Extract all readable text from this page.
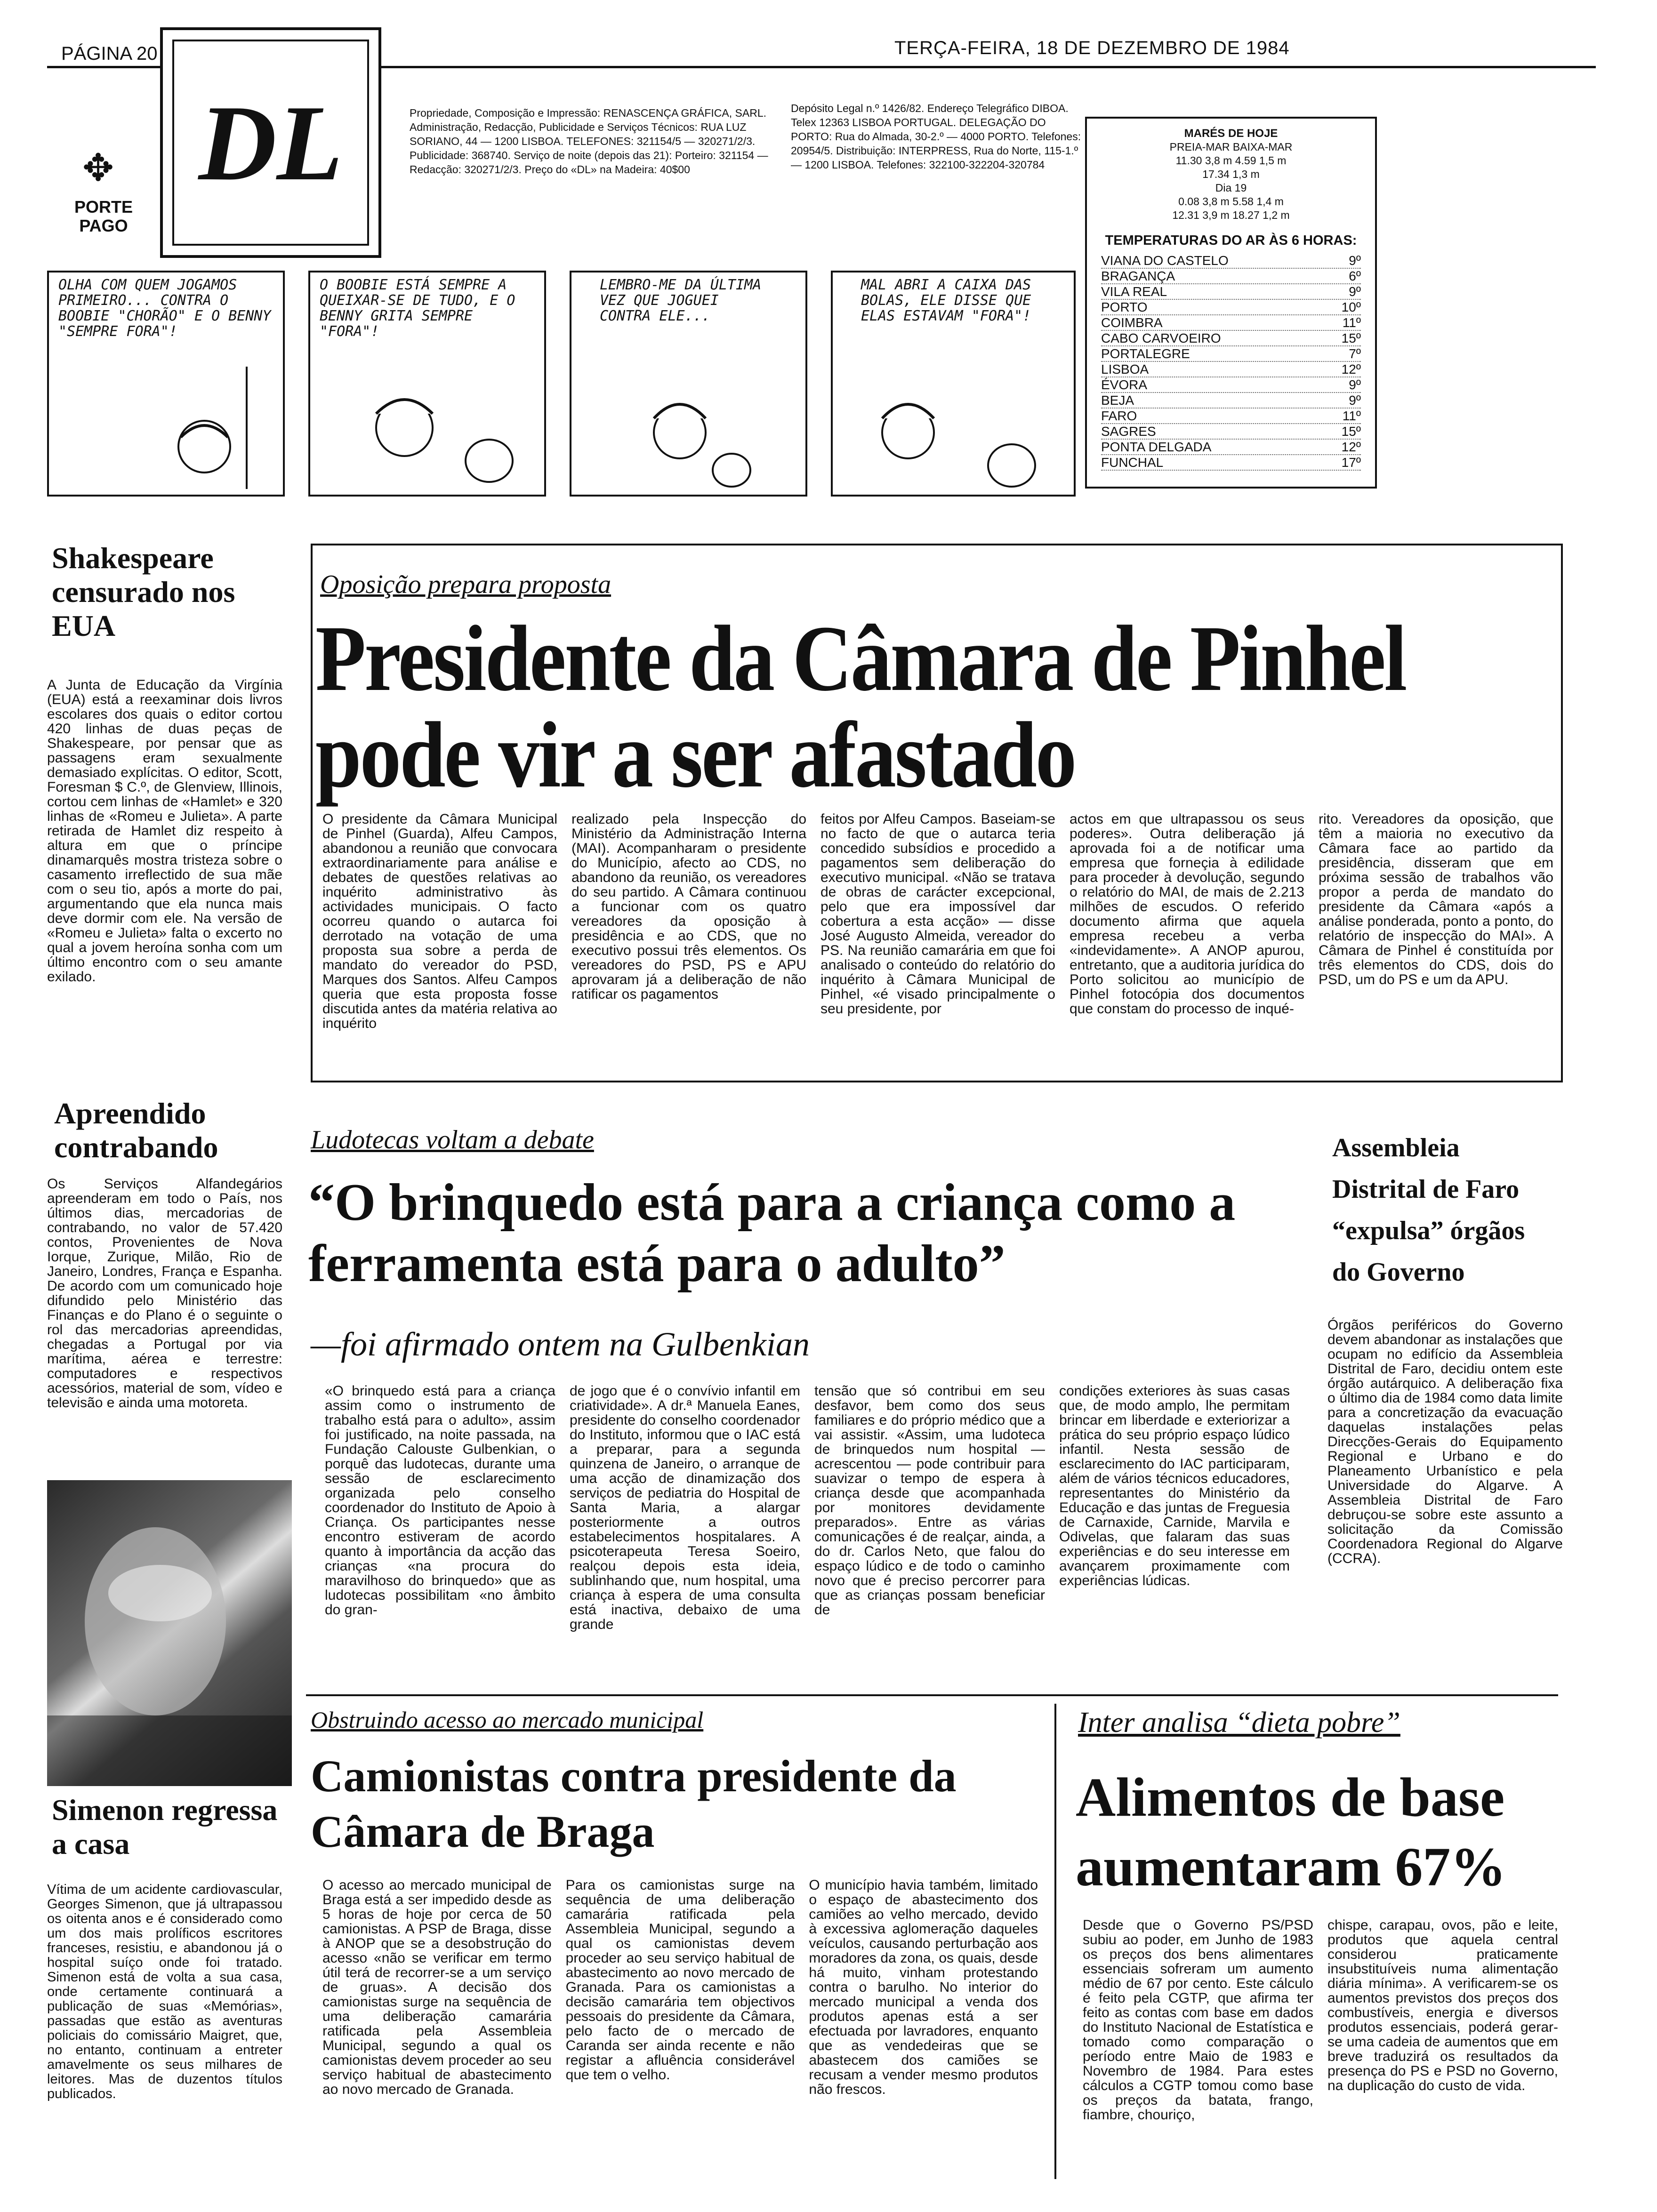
PÁGINA 20	TERÇA-FEIRA, 18 DE DEZEMBRO DE 1984
DL
✥
PORTE PAGO
Propriedade, Composição e Impressão: RENASCENÇA GRÁFICA, SARL. Administração, Redacção, Publicidade e Serviços Técnicos: RUA LUZ SORIANO, 44 — 1200 LISBOA. TELEFONES: 321154/5 — 320271/2/3. Publicidade: 368740. Serviço de noite (depois das 21): Porteiro: 321154 — Redacção: 320271/2/3. Preço do «DL» na Madeira: 40$00
Depósito Legal n.º 1426/82. Endereço Telegráfico DIBOA. Telex 12363 LISBOA PORTUGAL. DELEGAÇÃO DO PORTO: Rua do Almada, 30-2.º — 4000 PORTO. Telefones: 20954/5. Distribuição: INTERPRESS, Rua do Norte, 115-1.º — 1200 LISBOA. Telefones: 322100-322204-320784
MARÉS DE HOJE
PREIA-MAR BAIXA-MAR
11.30 3,8 m 4.59 1,5 m
17.34 1,3 m
Dia 19
0.08 3,8 m 5.58 1,4 m
12.31 3,9 m 18.27 1,2 m
TEMPERATURAS DO AR ÀS 6 HORAS:
VIANA DO CASTELO	9º
BRAGANÇA	6º
VILA REAL	9º
PORTO	10º
COIMBRA	11º
CABO CARVOEIRO	15º
PORTALEGRE	7º
LISBOA	12º
ÉVORA	9º
BEJA	9º
FARO	11º
SAGRES	15º
PONTA DELGADA	12º
FUNCHAL	17º
OLHA COM QUEM JOGAMOS PRIMEIRO... CONTRA O BOOBIE "CHORÃO" E O BENNY "SEMPRE FORA"!
O BOOBIE ESTÁ SEMPRE A QUEIXAR-SE DE TUDO, E O BENNY GRITA SEMPRE "FORA"!
LEMBRO-ME DA ÚLTIMA VEZ QUE JOGUEI CONTRA ELE...
MAL ABRI A CAIXA DAS BOLAS, ELE DISSE QUE ELAS ESTAVAM "FORA"!
Shakespeare censurado nos EUA
A Junta de Educação da Virgínia (EUA) está a reexaminar dois livros escolares dos quais o editor cortou 420 linhas de duas peças de Shakespeare, por pensar que as passagens eram sexualmente demasiado explícitas. O editor, Scott, Foresman $ C.º, de Glenview, Illinois, cortou cem linhas de «Hamlet» e 320 linhas de «Romeu e Julieta». A parte retirada de Hamlet diz respeito à altura em que o príncipe dinamarquês mostra tristeza sobre o casamento irreflectido de sua mãe com o seu tio, após a morte do pai, argumentando que ela nunca mais deve dormir com ele. Na versão de «Romeu e Julieta» falta o excerto no qual a jovem heroína sonha com um último encontro com o seu amante exilado.
Oposição prepara proposta
Presidente da Câmara de Pinhel
pode vir a ser afastado
O presidente da Câmara Municipal de Pinhel (Guarda), Alfeu Campos, abandonou a reunião que convocara extraordinariamente para análise e debates de questões relativas ao inquérito administrativo às actividades municipais. O facto ocorreu quando o autarca foi derrotado na votação de uma proposta sua sobre a perda de mandato do vereador do PSD, Marques dos Santos. Alfeu Campos queria que esta proposta fosse discutida antes da matéria relativa ao inquérito
realizado pela Inspecção do Ministério da Administração Interna (MAI). Acompanharam o presidente do Município, afecto ao CDS, no abandono da reunião, os vereadores do seu partido. A Câmara continuou a funcionar com os quatro vereadores da oposição à presidência e ao CDS, que no executivo possui três elementos. Os vereadores do PSD, PS e APU aprovaram já a deliberação de não ratificar os pagamentos
feitos por Alfeu Campos. Baseiam-se no facto de que o autarca teria concedido subsídios e procedido a pagamentos sem deliberação do executivo municipal. «Não se tratava de obras de carácter excepcional, pelo que era impossível dar cobertura a esta acção» — disse José Augusto Almeida, vereador do PS. Na reunião camarária em que foi analisado o conteúdo do relatório do inquérito à Câmara Municipal de Pinhel, «é visado principalmente o seu presidente, por
actos em que ultrapassou os seus poderes». Outra deliberação já aprovada foi a de notificar uma empresa que forneçia à edilidade para proceder à devolução, segundo o relatório do MAI, de mais de 2.213 milhões de escudos. O referido documento afirma que aquela empresa recebeu a verba «indevidamente». A ANOP apurou, entretanto, que a auditoria jurídica do Porto solicitou ao município de Pinhel fotocópia dos documentos que constam do processo de inqué-
rito. Vereadores da oposição, que têm a maioria no executivo da Câmara face ao partido da presidência, disseram que em próxima sessão de trabalhos vão propor a perda de mandato do presidente da Câmara «após a análise ponderada, ponto a ponto, do relatório de inspecção do MAI». A Câmara de Pinhel é constituída por três elementos do CDS, dois do PSD, um do PS e um da APU.
Apreendido contrabando
Os Serviços Alfandegários apreenderam em todo o País, nos últimos dias, mercadorias de contrabando, no valor de 57.420 contos, Provenientes de Nova Iorque, Zurique, Milão, Rio de Janeiro, Londres, França e Espanha. De acordo com um comunicado hoje difundido pelo Ministério das Finanças e do Plano é o seguinte o rol das mercadorias apreendidas, chegadas a Portugal por via marítima, aérea e terrestre: computadores e respectivos acessórios, material de som, vídeo e televisão e ainda uma motoreta.
Simenon regressa a casa
Vítima de um acidente cardiovascular, Georges Simenon, que já ultrapassou os oitenta anos e é considerado como um dos mais prolíficos escritores franceses, resistiu, e abandonou já o hospital suíço onde foi tratado. Simenon está de volta a sua casa, onde certamente continuará a publicação de suas «Memórias», passadas que estão as aventuras policiais do comissário Maigret, que, no entanto, continuam a entreter amavelmente os seus milhares de leitores. Mas de duzentos títulos publicados.
Ludotecas voltam a debate
“O brinquedo está para a criança como a ferramenta está para o adulto”
—foi afirmado ontem na Gulbenkian
«O brinquedo está para a criança assim como o instrumento de trabalho está para o adulto», assim foi justificado, na noite passada, na Fundação Calouste Gulbenkian, o porquê das ludotecas, durante uma sessão de esclarecimento organizada pelo conselho coordenador do Instituto de Apoio à Criança. Os participantes nesse encontro estiveram de acordo quanto à importância da acção das crianças «na procura do maravilhoso do brinquedo» que as ludotecas possibilitam «no âmbito do gran-
de jogo que é o convívio infantil em criatividade». A dr.ª Manuela Eanes, presidente do conselho coordenador do Instituto, informou que o IAC está a preparar, para a segunda quinzena de Janeiro, o arranque de uma acção de dinamização dos serviços de pediatria do Hospital de Santa Maria, a alargar posteriormente a outros estabelecimentos hospitalares. A psicoterapeuta Teresa Soeiro, realçou depois esta ideia, sublinhando que, num hospital, uma criança à espera de uma consulta está inactiva, debaixo de uma grande
tensão que só contribui em seu desfavor, bem como dos seus familiares e do próprio médico que a vai assistir. «Assim, uma ludoteca de brinquedos num hospital — acrescentou — pode contribuir para suavizar o tempo de espera à criança desde que acompanhada por monitores devidamente preparados». Entre as várias comunicações é de realçar, ainda, a do dr. Carlos Neto, que falou do espaço lúdico e de todo o caminho novo que é preciso percorrer para que as crianças possam beneficiar de
condições exteriores às suas casas que, de modo amplo, lhe permitam brincar em liberdade e exteriorizar a prática do seu próprio espaço lúdico infantil. Nesta sessão de esclarecimento do IAC participaram, além de vários técnicos educadores, representantes do Ministério da Educação e das juntas de Freguesia de Carnaxide, Carnide, Marvila e Odivelas, que falaram das suas experiências e do seu interesse em avançarem proximamente com experiências lúdicas.
Assembleia Distrital de Faro “expulsa” órgãos do Governo
Órgãos periféricos do Governo devem abandonar as instalações que ocupam no edifício da Assembleia Distrital de Faro, decidiu ontem este órgão autárquico. A deliberação fixa o último dia de 1984 como data limite para a concretização da evacuação daquelas instalações pelas Direcções-Gerais do Equipamento Regional e Urbano e do Planeamento Urbanístico e pela Universidade do Algarve. A Assembleia Distrital de Faro debruçou-se sobre este assunto a solicitação da Comissão Coordenadora Regional do Algarve (CCRA).
Obstruindo acesso ao mercado municipal
Camionistas contra presidente da Câmara de Braga
O acesso ao mercado municipal de Braga está a ser impedido desde as 5 horas de hoje por cerca de 50 camionistas. A PSP de Braga, disse à ANOP que se a desobstrução do acesso «não se verificar em termo útil terá de recorrer-se a um serviço de gruas». A decisão dos camionistas surge na sequência de uma deliberação camarária ratificada pela Assembleia Municipal, segundo a qual os camionistas devem proceder ao seu serviço habitual de abastecimento ao novo mercado de Granada.
Para os camionistas surge na sequência de uma deliberação camarária ratificada pela Assembleia Municipal, segundo a qual os camionistas devem proceder ao seu serviço habitual de abastecimento ao novo mercado de Granada. Para os camionistas a decisão camarária tem objectivos pessoais do presidente da Câmara, pelo facto de o mercado de Caranda ser ainda recente e não registar a afluência considerável que tem o velho.
O município havia também, limitado o espaço de abastecimento dos camiões ao velho mercado, devido à excessiva aglomeração daqueles veículos, causando perturbação aos moradores da zona, os quais, desde há muito, vinham protestando contra o barulho. No interior do mercado municipal a venda dos produtos apenas está a ser efectuada por lavradores, enquanto que as vendedeiras que se abastecem dos camiões se recusam a vender mesmo produtos não frescos.
Inter analisa “dieta pobre”
Alimentos de base aumentaram 67%
Desde que o Governo PS/PSD subiu ao poder, em Junho de 1983 os preços dos bens alimentares essenciais sofreram um aumento médio de 67 por cento. Este cálculo é feito pela CGTP, que afirma ter feito as contas com base em dados do Instituto Nacional de Estatística e tomado como comparação o período entre Maio de 1983 e Novembro de 1984. Para estes cálculos a CGTP tomou como base os preços da batata, frango, fiambre, chouriço,
chispe, carapau, ovos, pão e leite, produtos que aquela central considerou praticamente insubstituíveis numa alimentação diária mínima». A verificarem-se os aumentos previstos dos preços dos combustíveis, energia e diversos produtos essenciais, poderá gerar-se uma cadeia de aumentos que em breve traduzirá os resultados da presença do PS e PSD no Governo, na duplicação do custo de vida.
